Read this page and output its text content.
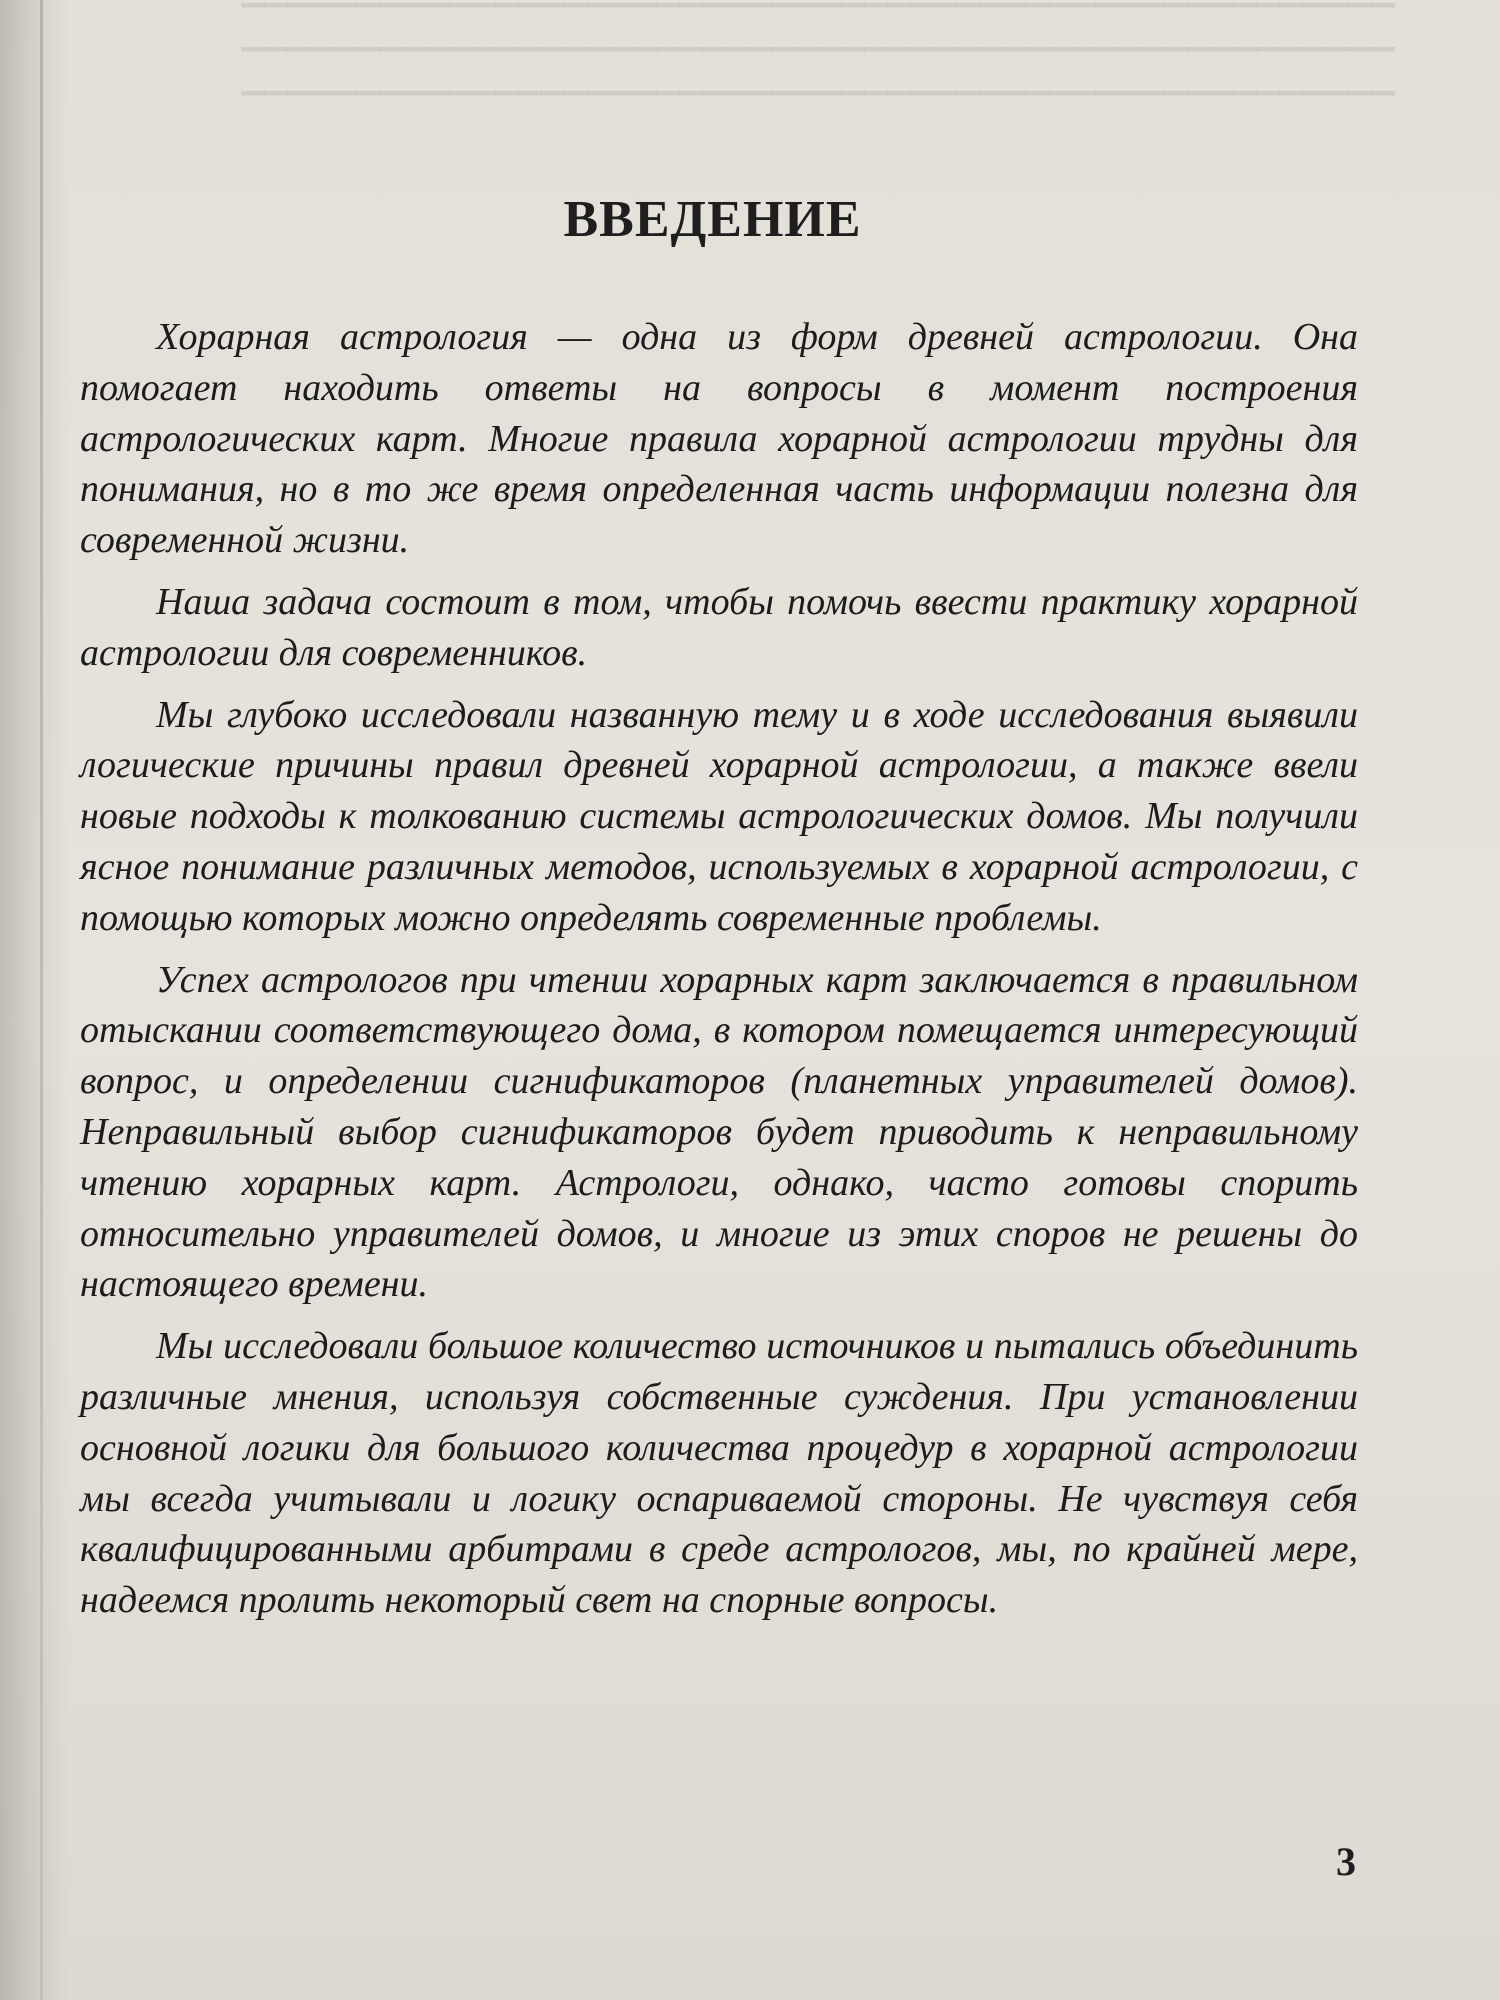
▔▔▔▔▔▔▔▔▔▔▔▔▔▔▔▔▔▔▔▔▔▔▔▔▔▔▔▔▔▔▔▔▔▔▔▔▔▔▔▔▔▔▔▔▔▔▔▔▔▔
▔▔▔▔▔▔▔▔▔▔▔▔▔▔▔▔▔▔▔▔▔▔▔▔▔▔▔▔▔▔▔▔▔▔▔▔▔▔▔▔▔▔▔▔▔▔▔▔▔▔
▔▔▔▔▔▔▔▔▔▔▔▔▔▔▔▔▔▔▔▔▔▔▔▔▔▔▔▔▔▔▔▔▔▔▔▔▔▔▔▔▔▔▔▔▔▔▔▔▔▔
ВВЕДЕНИЕ

Хорарная астрология — одна из форм древней астрологии. Она помогает находить ответы на вопросы в момент построения астрологических карт. Многие правила хорарной астрологии трудны для понимания, но в то же время определенная часть информации полезна для современной жизни.

Наша задача состоит в том, чтобы помочь ввести практику хорарной астрологии для современников.

Мы глубоко исследовали названную тему и в ходе исследования выявили логические причины правил древней хорарной астрологии, а также ввели новые подходы к толкованию системы астрологических домов. Мы получили ясное понимание различных методов, используемых в хорарной астрологии, с помощью которых можно определять современные проблемы.

Успех астрологов при чтении хорарных карт заключается в правильном отыскании соответствующего дома, в котором помещается интересующий вопрос, и определении сигнификаторов (планетных управителей домов). Неправильный выбор сигнификаторов будет приводить к неправильному чтению хорарных карт. Астрологи, однако, часто готовы спорить относительно управителей домов, и многие из этих споров не решены до настоящего времени.

Мы исследовали большое количество источников и пытались объединить различные мнения, используя собственные суждения. При установлении основной логики для большого количества процедур в хорарной астрологии мы всегда учитывали и логику оспариваемой стороны. Не чувствуя себя квалифицированными арбитрами в среде астрологов, мы, по крайней мере, надеемся пролить некоторый свет на спорные вопросы.

3
